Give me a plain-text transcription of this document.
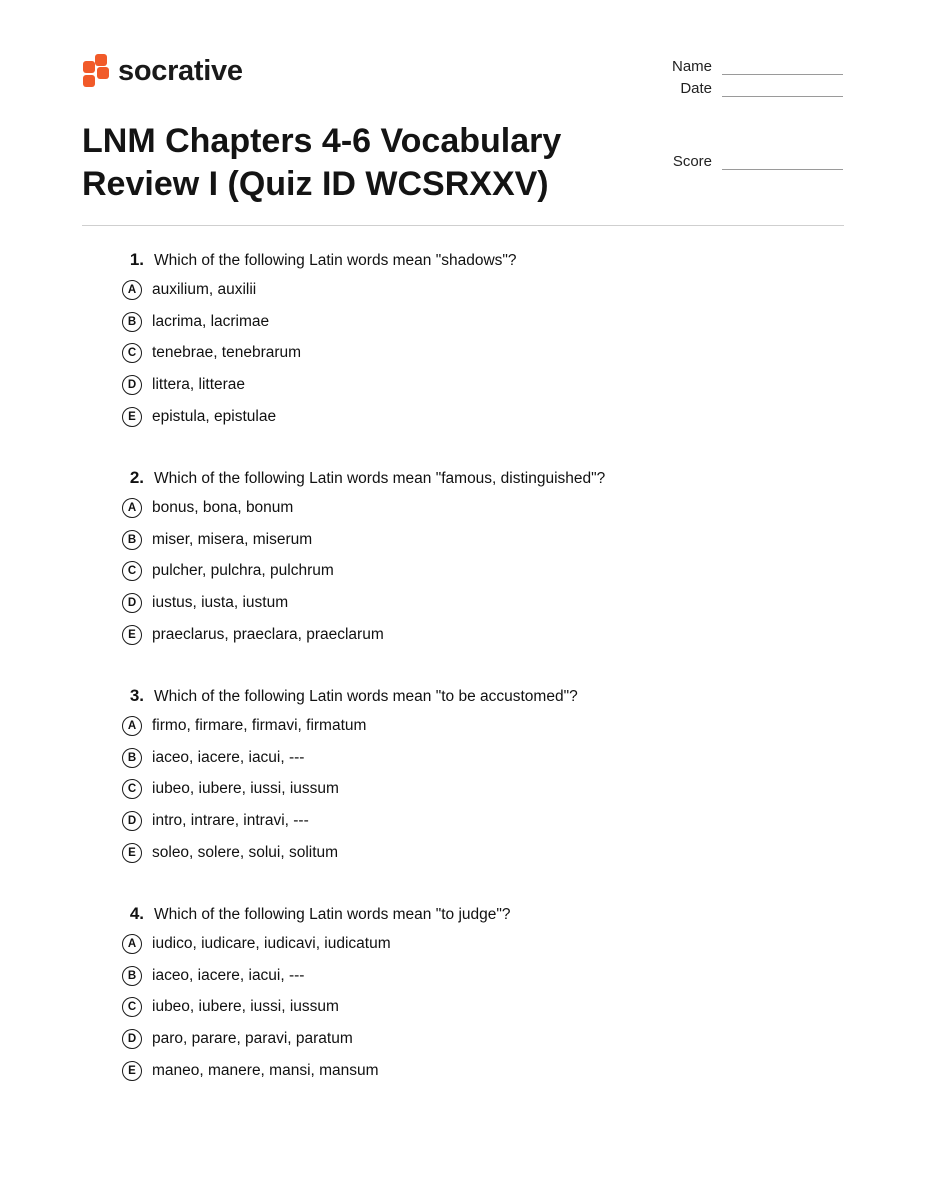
socrative	Name
Date
Score
LNM Chapters 4-6 Vocabulary Review I (Quiz ID WCSRXXV)
1. Which of the following Latin words mean "shadows"?
A	auxilium, auxilii
B	lacrima, lacrimae
C	tenebrae, tenebrarum
D	littera, litterae
E	epistula, epistulae
2. Which of the following Latin words mean "famous, distinguished"?
A	bonus, bona, bonum
B	miser, misera, miserum
C	pulcher, pulchra, pulchrum
D	iustus, iusta, iustum
E	praeclarus, praeclara, praeclarum
3. Which of the following Latin words mean "to be accustomed"?
A	firmo, firmare, firmavi, firmatum
B	iaceo, iacere, iacui, ---
C	iubeo, iubere, iussi, iussum
D	intro, intrare, intravi, ---
E	soleo, solere, solui, solitum
4. Which of the following Latin words mean "to judge"?
A	iudico, iudicare, iudicavi, iudicatum
B	iaceo, iacere, iacui, ---
C	iubeo, iubere, iussi, iussum
D	paro, parare, paravi, paratum
E	maneo, manere, mansi, mansum
